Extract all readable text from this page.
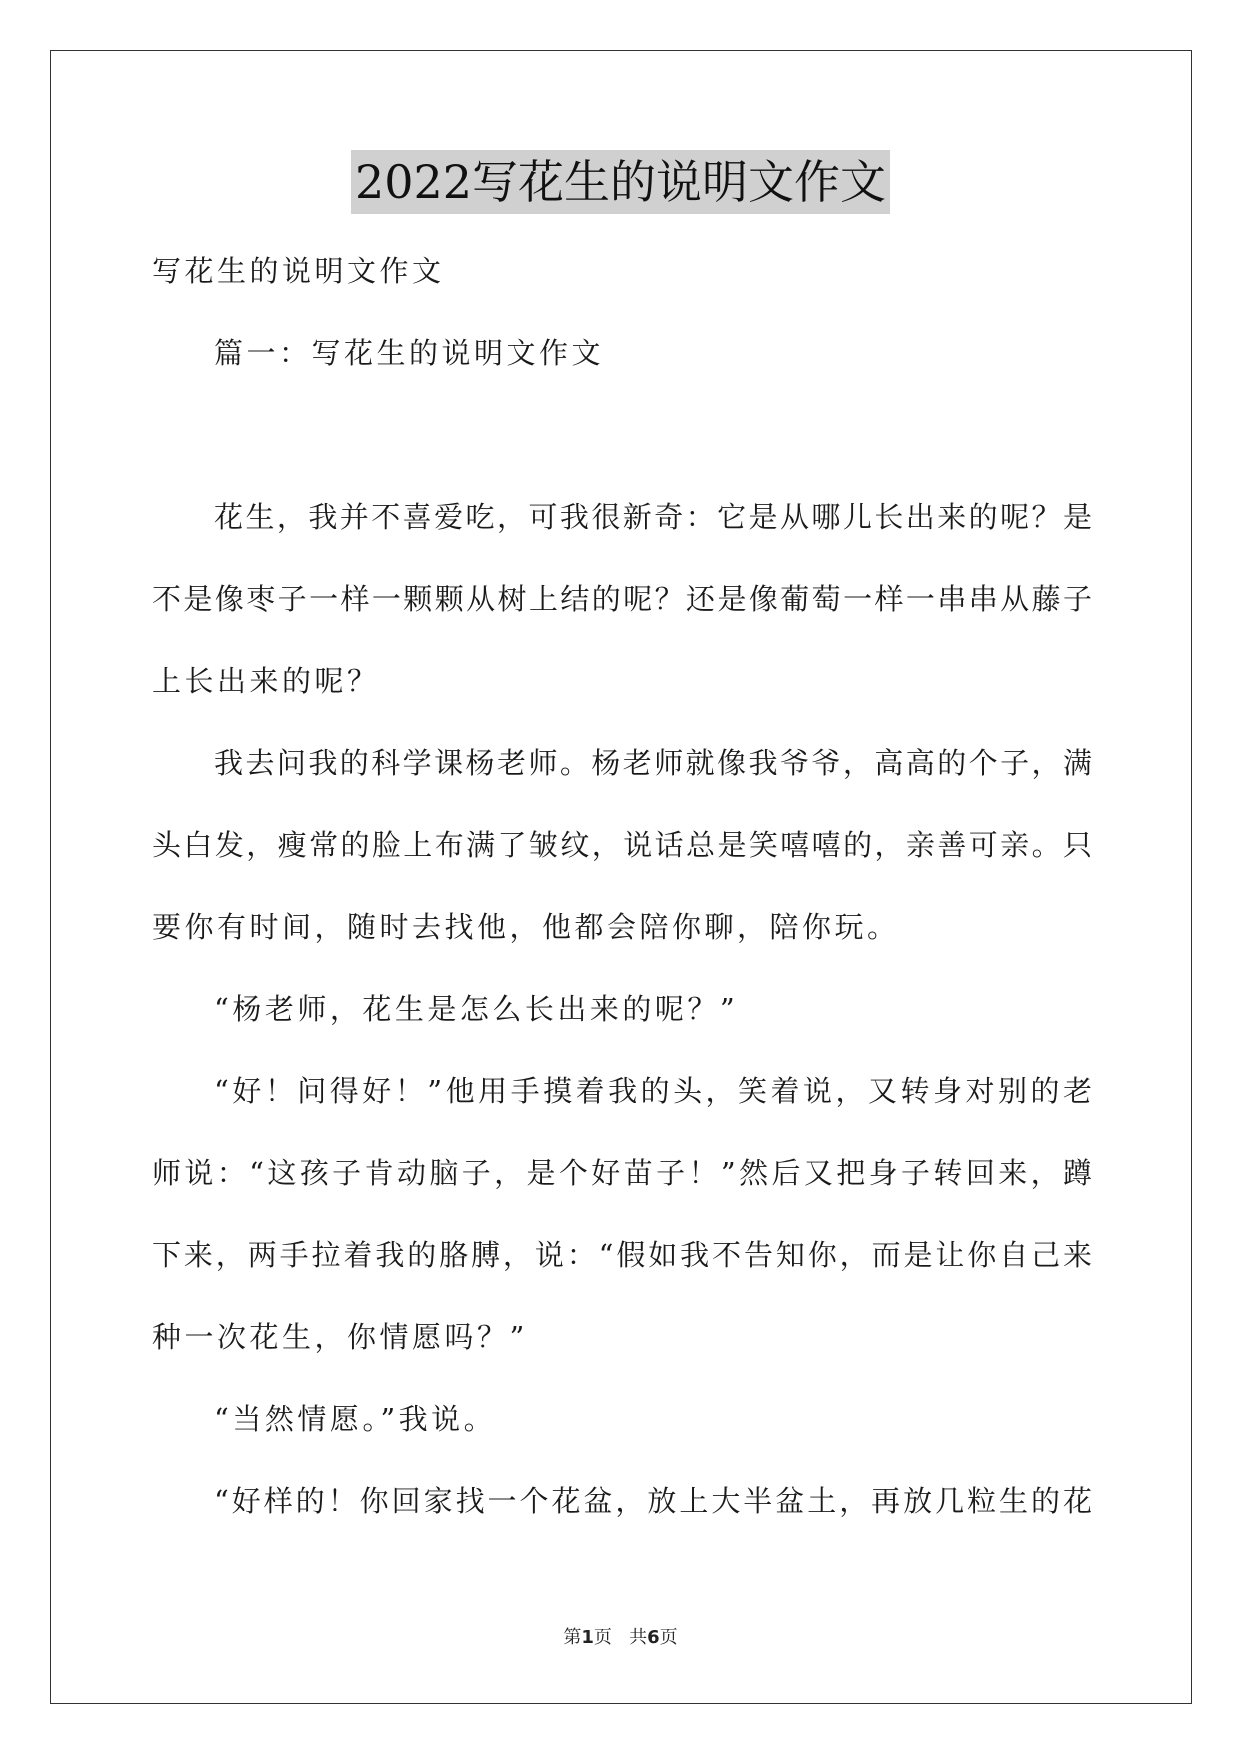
2022写花生的说明文作文

写花生的说明文作文

篇一：写花生的说明文作文

花生，我并不喜爱吃，可我很新奇：它是从哪儿长出来的呢？是

不是像枣子一样一颗颗从树上结的呢？还是像葡萄一样一串串从藤子

上长出来的呢？

我去问我的科学课杨老师。杨老师就像我爷爷，高高的个子，满

头白发，瘦常的脸上布满了皱纹，说话总是笑嘻嘻的，亲善可亲。只

要你有时间，随时去找他，他都会陪你聊，陪你玩。

“杨老师，花生是怎么长出来的呢？”

“好！问得好！”他用手摸着我的头，笑着说，又转身对别的老

师说：“这孩子肯动脑子，是个好苗子！”然后又把身子转回来，蹲

下来，两手拉着我的胳膊，说：“假如我不告知你，而是让你自己来

种一次花生，你情愿吗？”

“当然情愿。”我说。

“好样的！你回家找一个花盆，放上大半盆土，再放几粒生的花

第1页 共6页
